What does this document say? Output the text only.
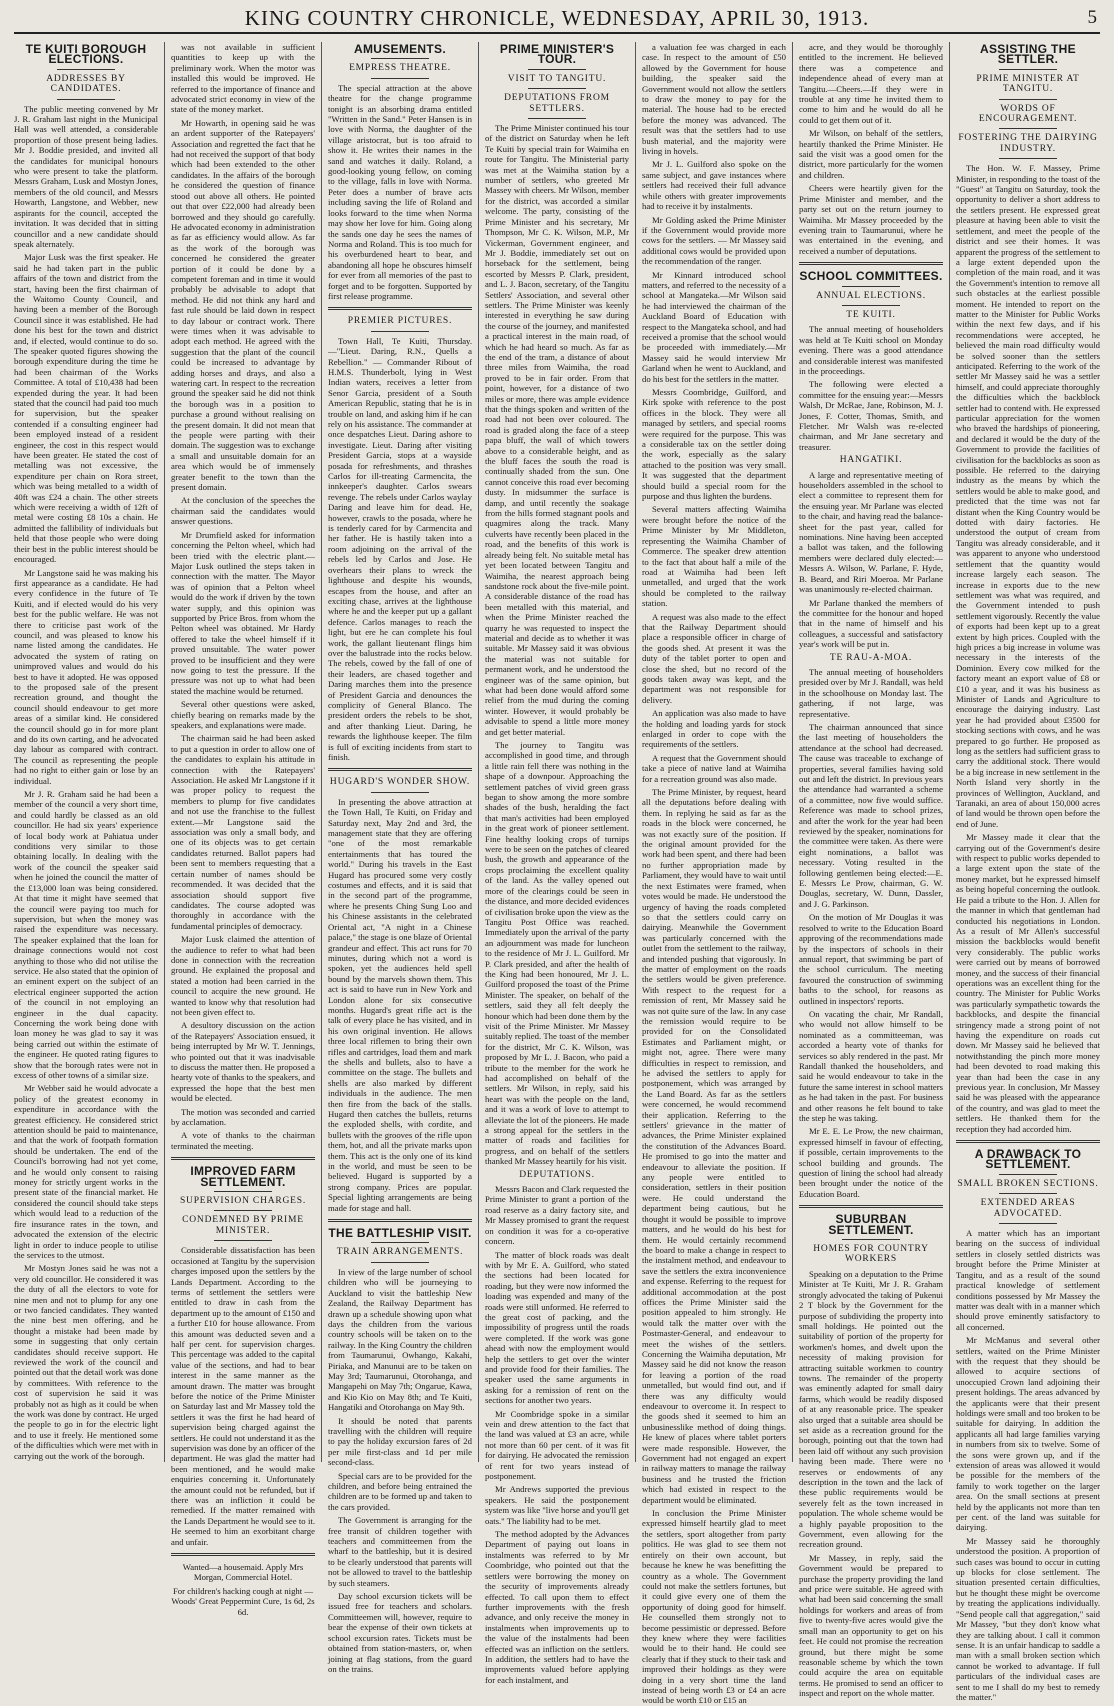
KING COUNTRY CHRONICLE, WEDNESDAY, APRIL 30, 1913.	5
TE KUITI BOROUGH ELECTIONS.
ADDRESSES BY CANDIDATES.

The public meeting convened by Mr J. R. Graham last night in the Municipal Hall was well attended, a considerable proportion of those present being ladies. Mr J. Boddie presided, and invited all the candidates for municipal honours who were present to take the platform. Messrs Graham, Lusk and Mostyn Jones, members of the old council, and Messrs Howarth, Langstone, and Webber, new aspirants for the council, accepted the invitation. It was decided that in sitting councillor and a new candidate should speak alternately.

Major Lusk was the first speaker. He said he had taken part in the public affairs of the town and district from the start, having been the first chairman of the Waitomo County Council, and having been a member of the Borough Council since it was established. He had done his best for the town and district and, if elected, would continue to do so. The speaker quoted figures showing the borough expenditure during the time he had been chairman of the Works Committee. A total of £10,438 had been expended during the year. It had been stated that the council had paid too much for supervision, but the speaker contended if a consulting engineer had been employed instead of a resident engineer, the cost in this respect would have been greater. He stated the cost of metalling was not excessive, the expenditure per chain on Rora street, which was being metalled to a width of 40ft was £24 a chain. The other streets which were receiving a width of 12ft of metal were costing £8 10s a chain. He admitted the fallibility of individuals but held that those people who were doing their best in the public interest should be encouraged.

Mr Langstone said he was making his first appearance as a candidate. He had every confidence in the future of Te Kuiti, and if elected would do his very best for the public welfare. He was not there to criticise past work of the council, and was pleased to know his name listed among the candidates. He advocated the system of rating on unimproved values and would do his best to have it adopted. He was opposed to the proposed sale of the present recreation ground, and thought the council should endeavour to get more areas of a similar kind. He considered the council should go in for more plant and do its own carting, and he advocated day labour as compared with contract. The council as representing the people had no right to either gain or lose by an individual.

Mr J. R. Graham said he had been a member of the council a very short time, and could hardly be classed as an old councillor. He had six years' experience of local body work at Pahiatua under conditions very similar to those obtaining locally. In dealing with the work of the council the speaker said when he joined the council the matter of the £13,000 loan was being considered. At that time it might have seemed that the council were paying too much for supervision, but when the money was raised the expenditure was necessary. The speaker explained that the loan for drainage connections would not cost anything to those who did not utilise the service. He also stated that the opinion of an eminent expert on the subject of an electrical engineer supported the action of the council in not employing an engineer in the dual capacity. Concerning the work being done with loan money he was glad to say it was being carried out within the estimate of the engineer. He quoted rating figures to show that the borough rates were not in excess of other towns of a similar size.

Mr Webber said he would advocate a policy of the greatest economy in expenditure in accordance with the greatest efficiency. He considered strict attention should be paid to maintenance, and that the work of footpath formation should be undertaken. The end of the Council's borrowing had not yet come, and he would only consent to raising money for strictly urgent works in the present state of the financial market. He considered the council should take steps which would lead to a reduction of the fire insurance rates in the town, and advocated the extension of the electric light in order to induce people to utilise the services to the utmost.

Mr Mostyn Jones said he was not a very old councillor. He considered it was the duty of all the electors to vote for nine men and not to plump for any one or two fancied candidates. They wanted the nine best men offering, and he thought a mistake had been made by some in suggesting that only certain candidates should receive support. He reviewed the work of the council and pointed out that the detail work was done by committees. With reference to the cost of supervision he said it was probably not as high as it could be when the work was done by contract. He urged the people to go in for the electric light and to use it freely. He mentioned some of the difficulties which were met with in carrying out the work of the borough.

was not available in sufficient quantities to keep up with the preliminary work. When the motor was installed this would be improved. He referred to the importance of finance and advocated strict economy in view of the state of the money market.

Mr Howarth, in opening said he was an ardent supporter of the Ratepayers' Association and regretted the fact that he had not received the support of that body which had been extended to the other candidates. In the affairs of the borough he considered the question of finance stood out above all others. He pointed out that over £22,000 had already been borrowed and they should go carefully. He advocated economy in administration as far as efficiency would allow. As far as the work of the borough was concerned he considered the greater portion of it could be done by a competent foreman and in time it would probably be advisable to adopt that method. He did not think any hard and fast rule should be laid down in respect to day labour or contract work. There were times when it was advisable to adopt each method. He agreed with the suggestion that the plant of the council could be increased to advantage by adding horses and drays, and also a watering cart. In respect to the recreation ground the speaker said he did not think the borough was in a position to purchase a ground without realising on the present domain. It did not mean that the people were parting with their domain. The suggestion was to exchange a small and unsuitable domain for an area which would be of immensely greater benefit to the town than the present domain.

At the conclusion of the speeches the chairman said the candidates would answer questions.

Mr Drumfield asked for information concerning the Pelton wheel, which had been tried with the electric plant.—Major Lusk outlined the steps taken in connection with the matter. The Mayor was of opinion that a Pelton wheel would do the work if driven by the town water supply, and this opinion was supported by Price Bros. from whom the Pelton wheel was obtained. Mr Hardy offered to take the wheel himself if it proved unsuitable. The water power proved to be insufficient and they were now going to test the pressure. If the pressure was not up to what had been stated the machine would be returned.

Several other questions were asked, chiefly bearing on remarks made by the speakers, and explanations were made.

The chairman said he had been asked to put a question in order to allow one of the candidates to explain his attitude in connection with the Ratepayers' Association. He asked Mr Langstone if it was proper policy to request the members to plump for five candidates and not use the franchise to the fullest extent.—Mr Langstone said the association was only a small body, and one of its objects was to get certain candidates returned. Ballot papers had been sent to members requesting that a certain number of names should be recommended. It was decided that the association should support five candidates. The course adopted was thoroughly in accordance with the fundamental principles of democracy.

Major Lusk claimed the attention of the audience to refer to what had been done in connection with the recreation ground. He explained the proposal and stated a motion had been carried in the council to acquire the new ground. He wanted to know why that resolution had not been given effect to.

A desultory discussion on the action of the Ratepayers' Association ensued, it being interrupted by Mr W. T. Jennings, who pointed out that it was inadvisable to discuss the matter then. He proposed a hearty vote of thanks to the speakers, and expressed the hope that the best men would be elected.

The motion was seconded and carried by acclamation.

A vote of thanks to the chairman terminated the meeting.

IMPROVED FARM SETTLEMENT.
SUPERVISION CHARGES.
CONDEMNED BY PRIME MINISTER.

Considerable dissatisfaction has been occasioned at Tangitu by the supervision charges imposed upon the settlers by the Lands Department. According to the terms of settlement the settlers were entitled to draw in cash from the department up to the amount of £150 and a further £10 for house allowance. From this amount was deducted seven and a half per cent. for supervision charges. This percentage was added to the capital value of the sections, and had to bear interest in the same manner as the amount drawn. The matter was brought before the notice of the Prime Minister on Saturday last and Mr Massey told the settlers it was the first he had heard of supervision being charged against the settlers. He could not understand it as the supervision was done by an officer of the department. He was glad the matter had been mentioned, and he would make enquiries concerning it. Unfortunately the amount could not be refunded, but if there was an infliction it could be remedied. If the matter remained with the Lands Department he would see to it. He seemed to him an exorbitant charge and unfair.

Wanted—a housemaid. Apply Mrs Morgan, Commercial Hotel.

For children's hacking cough at night — Woods' Great Peppermint Cure, 1s 6d, 2s 6d.

AMUSEMENTS.
EMPRESS THEATRE.

The special attraction at the above theatre for the change programme tonight is an absorbing drama entitled "Written in the Sand." Peter Hansen is in love with Norma, the daughter of the village aristocrat, but is too afraid to show it. He writes their names in the sand and watches it daily. Roland, a good-looking young fellow, on coming to the village, falls in love with Norma. Peter does a number of brave acts including saving the life of Roland and looks forward to the time when Norma may show her love for him. Going along the sands one day he sees the names of Norma and Roland. This is too much for his overburdened heart to bear, and abandoning all hope he obscures himself for ever from all memories of the past to forget and to be forgotten. Supported by first release programme.

PREMIER PICTURES.

Town Hall, Te Kuiti, Thursday.—"Lieut. Daring, R.N., Quells a Rebellion." — Commander Ribout of H.M.S. Thunderbolt, lying in West Indian waters, receives a letter from Senor Garcia, president of a South American Republic, stating that he is in trouble on land, and asking him if he can rely on his assistance. The commander at once despatches Lieut. Daring ashore to investigate. Lieut. Daring after visiting President Garcia, stops at a wayside posada for refreshments, and thrashes Carlos for ill-treating Carmencita, the innkeeper's daughter. Carlos swears revenge. The rebels under Carlos waylay Daring and leave him for dead. He, however, crawls to the posada, where he is tenderly cared for by Carmencita and her father. He is hastily taken into a room adjoining on the arrival of the rebels led by Carlos and Jose. He overhears their plans to wreck the lighthouse and despite his wounds, escapes from the house, and after an exciting chase, arrives at the lighthouse where he and the keeper put up a gallant defence. Carlos manages to reach the light, but ere he can complete his foul work, the gallant lieutenant flings him over the balustrade into the rocks below. The rebels, cowed by the fall of one of their leaders, are chased together and Daring marches them into the presence of President Garcia and denounces the complicity of General Blanco. The president orders the rebels to be shot, and after thanking Lieut. Daring, he rewards the lighthouse keeper. The film is full of exciting incidents from start to finish.

HUGARD'S WONDER SHOW.

In presenting the above attraction at the Town Hall, Te Kuiti, on Friday and Saturday next, May 2nd and 3rd, the management state that they are offering "one of the most remarkable entertainments that has toured the world." During his travels in the East Hugard has procured some very costly costumes and effects, and it is said that in the second part of the programme, where he presents Ching Sung Loo and his Chinese assistants in the celebrated Oriental act, "A night in a Chinese palace," the stage is one blaze of Oriental grandeur and effect. This act runs for 70 minutes, during which not a word is spoken, yet the audiences held spell bound by the marvels shown them. This act is said to have run in New York and London alone for six consecutive months. Hugard's great rifle act is the talk of every place he has visited, and in his own original invention. He allows three local riflemen to bring their own rifles and cartridges, load them and mark the shells and bullets, also to have a committee on the stage. The bullets and shells are also marked by different individuals in the audience. The men then fire from the back of the stalls. Hugard then catches the bullets, returns the exploded shells, with cordite, and bullets with the grooves of the rifle upon them, hot, and all the private marks upon them. This act is the only one of its kind in the world, and must be seen to be believed. Hugard is supported by a strong company. Prices are popular. Special lighting arrangements are being made for stage and hall.

THE BATTLESHIP VISIT.
TRAIN ARRANGEMENTS.

In view of the large number of school children who will be journeying to Auckland to visit the battleship New Zealand, the Railway Department has drawn up a schedule showing upon what days the children from the various country schools will be taken on to the railway. In the King Country the children from Taumarunui, Owhango, Kakahi, Piriaka, and Manunui are to be taken on May 3rd; Taumarunui, Otorohanga, and Mangapehi on May 7th; Ongarue, Kawa, and Kio Kio on May 8th; and Te Kuiti, Hangatiki and Otorohanga on May 9th.

It should be noted that parents travelling with the children will require to pay the holiday excursion fares of 2d per mile first-class and 1d per mile second-class.

Special cars are to be provided for the children, and before being entrained the children are to be formed up and taken to the cars provided.

The Government is arranging for the free transit of children together with teachers and committeemen from the wharf to the battleship, but it is desired to be clearly understood that parents will not be allowed to travel to the battleship by such steamers.

Day school excursion tickets will be issued free for teachers and scholars. Committeemen will, however, require to bear the expense of their own tickets at school excursion rates. Tickets must be obtained from station-masters, or, when joining at flag stations, from the guard on the trains.

PRIME MINISTER'S TOUR.
VISIT TO TANGITU.
DEPUTATIONS FROM SETTLERS.

The Prime Minister continued his tour of the district on Saturday when he left Te Kuiti by special train for Waimiha en route for Tangitu. The Ministerial party was met at the Waimiha station by a number of settlers, who greeted Mr Massey with cheers. Mr Wilson, member for the district, was accorded a similar welcome. The party, consisting of the Prime Minister and his secretary, Mr Thompson, Mr C. K. Wilson, M.P., Mr Vickerman, Government engineer, and Mr J. Boddie, immediately set out on horseback for the settlement, being escorted by Messrs P. Clark, president, and L. J. Bacon, secretary, of the Tangitu Settlers' Association, and several other settlers. The Prime Minister was keenly interested in everything he saw during the course of the journey, and manifested a practical interest in the main road, of which he had heard so much. As far as the end of the tram, a distance of about three miles from Waimiha, the road proved to be in fair order. From that point, however, for a distance of two miles or more, there was ample evidence that the things spoken and written of the road had not been over coloured. The road is graded along the face of a steep papa bluff, the wall of which towers above to a considerable height, and as the bluff faces the south the road is continually shaded from the sun. One cannot conceive this road ever becoming dusty. In midsummer the surface is damp, and until recently the soakage from the hills formed stagnant pools and quagmires along the track. Many culverts have recently been placed in the road, and the benefits of this work is already being felt. No suitable metal has yet been located between Tangitu and Waimiha, the nearest approach being sandstone rock about the five-mile point. A considerable distance of the road has been metalled with this material, and when the Prime Minister reached the quarry he was requested to inspect the material and decide as to whether it was suitable. Mr Massey said it was obvious the material was not suitable for permanent work, and he understood the engineer was of the same opinion, but what had been done would afford some relief from the mud during the coming winter. However, it would probably be advisable to spend a little more money and get better material.

The journey to Tangitu was accomplished in good time, and through a little rain fell there was nothing in the shape of a downpour. Approaching the settlement patches of vivid green grass began to show among the more sombre shades of the bush, heralding the fact that man's activities had been employed in the great work of pioneer settlement. Fine healthy looking crops of turnips were to be seen on the patches of cleared bush, the growth and appearance of the crops proclaiming the excellent quality of the land. As the valley opened out more of the clearings could be seen in the distance, and more decided evidences of civilisation broke upon the view as the Tangitu Post Office was reached. Immediately upon the arrival of the party an adjournment was made for luncheon to the residence of Mr J. L. Guilford. Mr P. Clark presided, and after the health of the King had been honoured, Mr J. L. Guilford proposed the toast of the Prime Minister. The speaker, on behalf of the settlers, said they all felt deeply the honour which had been done them by the visit of the Prime Minister. Mr Massey suitably replied. The toast of the member for the district, Mr C. K. Wilson, was proposed by Mr L. J. Bacon, who paid a tribute to the member for the work he had accomplished on behalf of the settlers. Mr Wilson, in reply, said his heart was with the people on the land, and it was a work of love to attempt to alleviate the lot of the pioneers. He made a strong appeal for the settlers in the matter of roads and facilities for progress, and on behalf of the settlers thanked Mr Massey heartily for his visit.

DEPUTATIONS.

Messrs Bacon and Clark requested the Prime Minister to grant a portion of the road reserve as a dairy factory site, and Mr Massey promised to grant the request on condition it was for a co-operative concern.

The matter of block roads was dealt with by Mr E. A. Guilford, who stated the sections had been located for roading, but they were now informed the loading was expended and many of the roads were still unformed. He referred to the great cost of packing, and the impossibility of progress until the roads were completed. If the work was gone ahead with now the employment would help the settlers to get over the winter and provide food for their families. The speaker used the same arguments in asking for a remission of rent on the sections for another two years.

Mr Coombridge spoke in a similar vein and drew attention to the fact that the land was valued at £3 an acre, while not more than 60 per cent. of it was fit for dairying. He advocated the remission of rent for two years instead of postponement.

Mr Andrews supported the previous speakers. He said the postponement system was like "live horse and you'll get oats." The liability had to be met.

The method adopted by the Advances Department of paying out loans in instalments was referred to by Mr Coombridge, who pointed out that the settlers were borrowing the money on the security of improvements already effected. To call upon them to effect further improvements with the fresh advance, and only receive the money in instalments when improvements up to the value of the instalments had been effected was an infliction on the settlers. In addition, the settlers had to have the improvements valued before applying for each instalment, and

a valuation fee was charged in each case. In respect to the amount of £50 allowed by the Government for house building, the speaker said the Government would not allow the settlers to draw the money to pay for the material. The house had to be erected before the money was advanced. The result was that the settlers had to use bush material, and the majority were living in hovels.

Mr J. L. Guilford also spoke on the same subject, and gave instances where settlers had received their full advance while others with greater improvements had to receive it by instalments.

Mr Golding asked the Prime Minister if the Government would provide more cows for the settlers. — Mr Massey said additional cows would be provided upon the recommendation of the ranger.

Mr Kinnard introduced school matters, and referred to the necessity of a school at Mangateka.—Mr Wilson said he had interviewed the chairman of the Auckland Board of Education with respect to the Mangateka school, and had received a promise that the school would be proceeded with immediately.—Mr Massey said he would interview Mr Garland when he went to Auckland, and do his best for the settlers in the matter.

Messrs Coombridge, Guilford, and Kirk spoke with reference to the post offices in the block. They were all managed by settlers, and special rooms were required for the purpose. This was a considerable tax on the settler doing the work, especially as the salary attached to the position was very small. It was suggested that the department should build a special room for the purpose and thus lighten the burdens.

Several matters affecting Waimiha were brought before the notice of the Prime Minister by Mr Middleton, representing the Waimiha Chamber of Commerce. The speaker drew attention to the fact that about half a mile of the road at Waimiha had been left unmetalled, and urged that the work should be completed to the railway station.

A request was also made to the effect that the Railway Department should place a responsible officer in charge of the goods shed. At present it was the duty of the tablet porter to open and close the shed, but no record of the goods taken away was kept, and the department was not responsible for delivery.

An application was also made to have the holding and loading yards for stock enlarged in order to cope with the requirements of the settlers.

A request that the Government should take a piece of native land at Waimiha for a recreation ground was also made.

The Prime Minister, by request, heard all the deputations before dealing with them. In replying he said as far as the roads in the block were concerned, he was not exactly sure of the position. If the original amount provided for the work had been spent, and there had been no further appropriation made by Parliament, they would have to wait until the next Estimates were framed, when votes would be made. He understood the urgency of having the roads completed so that the settlers could carry on dairying. Meanwhile the Government was particularly concerned with the outlet from the settlement to the railway, and intended pushing that vigorously. In the matter of employment on the roads the settlers would be given preference. With respect to the request for a remission of rent, Mr Massey said he was not quite sure of the law. In any case the remission would require to be provided for on the Consolidated Estimates and Parliament might, or might not, agree. There were many difficulties in respect to remission, and he advised the settlers to apply for postponement, which was arranged by the Land Board. As far as the settlers were concerned, he would recommend their application. Referring to the settlers' grievance in the matter of advances, the Prime Minister explained the constitution of the Advances Board. He promised to go into the matter and endeavour to alleviate the position. If any people were entitled to consideration, settlers in their position were. He could understand the department being cautious, but he thought it would be possible to improve matters, and he would do his best for them. He would certainly recommend the board to make a change in respect to the instalment method, and endeavour to save the settlers the extra inconvenience and expense. Referring to the request for additional accommodation at the post offices the Prime Minister said the position appealed to him strongly. He would talk the matter over with the Postmaster-General, and endeavour to meet the wishes of the settlers. Concerning the Waimiha deputation, Mr Massey said he did not know the reason for leaving a portion of the road unmetalled, but would find out, and if there was any difficulty would endeavour to overcome it. In respect to the goods shed it seemed to him an unbusinesslike method of doing things. He knew of places where tablet porters were made responsible. However, the Government had not engaged an expert in railway matters to manage the railway business and he trusted the friction which had existed in respect to the department would be eliminated.

In conclusion the Prime Minister expressed himself heartily glad to meet the settlers, sport altogether from party politics. He was glad to see them not entirely on their own account, but because he knew he was benefitting the country as a whole. The Government could not make the settlers fortunes, but it could give every one of them the opportunity of doing good for himself. He counselled them strongly not to become pessimistic or depressed. Before they knew where they were facilities would be to their hand. He could see clearly that if they stuck to their task and improved their holdings as they were doing in a very short time the land instead of being worth £3 or £4 an acre would be worth £10 or £15 an

acre, and they would be thoroughly entitled to the increment. He believed there was a competence and independence ahead of every man at Tangitu.—Cheers.—If they were in trouble at any time he invited them to come to him and he would do all he could to get them out of it.

Mr Wilson, on behalf of the settlers, heartily thanked the Prime Minister. He said the visit was a good omen for the district, more particularly for the women and children.

Cheers were heartily given for the Prime Minister and member, and the party set out on the return journey to Waimiha. Mr Massey proceeded by the evening train to Taumarunui, where he was entertained in the evening, and received a number of deputations.

SCHOOL COMMITTEES.
ANNUAL ELECTIONS.
TE KUITI.

The annual meeting of householders was held at Te Kuiti school on Monday evening. There was a good attendance and considerable interest was manifested in the proceedings.

The following were elected a committee for the ensuing year:—Messrs Walsh, Dr McRae, Jane, Robinson, M. J. Jones, F. Cotter, Thomas, Smith, and Fletcher. Mr Walsh was re-elected chairman, and Mr Jane secretary and treasurer.

HANGATIKI.

A large and representative meeting of householders assembled in the school to elect a committee to represent them for the ensuing year. Mr Parlane was elected to the chair, and having read the balance-sheet for the past year, called for nominations. Nine having been accepted a ballot was taken, and the following members were declared duly elected:—Messrs A. Wilson, W. Parlane, F. Hyde, B. Beard, and Riri Moeroa. Mr Parlane was unanimously re-elected chairman.

Mr Parlane thanked the members of the committee for the honour and hoped that in the name of himself and his colleagues, a successful and satisfactory year's work will be put in.

TE RAU-A-MOA.

The annual meeting of householders presided over by Mr J. Randall, was held in the schoolhouse on Monday last. The gathering, if not large, was representative.

The chairman announced that since the last meeting of householders the attendance at the school had decreased. The cause was traceable to exchange of properties, several families having sold out and left the district. In previous years the attendance had warranted a scheme of a committee, now five would suffice. Reference was made to school prizes, and after the work for the year had been reviewed by the speaker, nominations for the committee were taken. As there were eight nominations, a ballot was necessary. Voting resulted in the following gentlemen being elected:—E. E. Messrs Le Prow, chairman, G. W. Douglas, secretary, W. Dunn, Dassler, and J. G. Parkinson.

On the motion of Mr Douglas it was resolved to write to the Education Board approving of the recommendations made by the inspectors of schools in their annual report, that swimming be part of the school curriculum. The meeting favoured the construction of swimming baths to the school, for reasons as outlined in inspectors' reports.

On vacating the chair, Mr Randall, who would not allow himself to be nominated as a committeeman, was accorded a hearty vote of thanks for services so ably rendered in the past. Mr Randall thanked the householders, and said he would endeavour to take in the future the same interest in school matters as he had taken in the past. For business and other reasons he felt bound to take the step he was taking.

Mr E. E. Le Prow, the new chairman, expressed himself in favour of effecting, if possible, certain improvements to the school building and grounds. The question of lining the school had already been brought under the notice of the Education Board.

SUBURBAN SETTLEMENT.
HOMES FOR COUNTRY WORKERS

Speaking on a deputation to the Prime Minister at Te Kuiti, Mr J. R. Graham strongly advocated the taking of Pukenui 2 T block by the Government for the purpose of subdividing the property into small holdings. He pointed out the suitability of portion of the property for workmen's homes, and dwelt upon the necessity of making provision for attracting suitable workmen to country towns. The remainder of the property was eminently adapted for small dairy farms, which would be readily disposed of at any reasonable price. The speaker also urged that a suitable area should be set aside as a recreation ground for the borough, pointing out that the town had been laid off without any such provision having been made. There were no reserves or endowments of any description in the town and the lack of these public requirements would be severely felt as the town increased in population. The whole scheme would be a highly payable proposition to the Government, even allowing for the recreation ground.

Mr Massey, in reply, said the Government would be prepared to purchase the property providing the land and price were suitable. He agreed with what had been said concerning the small holdings for workers and areas of from five to twenty-five acres would give the small man an opportunity to get on his feet. He could not promise the recreation ground, but there might be some reasonable scheme by which the town could acquire the area on equitable terms. He promised to send an officer to inspect and report on the whole matter.

ASSISTING THE SETTLER.
PRIME MINISTER AT TANGITU.
WORDS OF ENCOURAGEMENT.
FOSTERING THE DAIRYING INDUSTRY.

The Hon. W. F. Massey, Prime Minister, in responding to the toast of the "Guest" at Tangitu on Saturday, took the opportunity to deliver a short address to the settlers present. He expressed great pleasure at having been able to visit the settlement, and meet the people of the district and see their homes. It was apparent the progress of the settlement to a large extent depended upon the completion of the main road, and it was the Government's intention to remove all such obstacles at the earliest possible moment. He intended to report on the matter to the Minister for Public Works within the next few days, and if his recommendations were accepted, he believed the main road difficulty would be solved sooner than the settlers anticipated. Referring to the work of the settler Mr Massey said he was a settler himself, and could appreciate thoroughly the difficulties which the backblock settler had to contend with. He expressed particular appreciation for the women who braved the hardships of pioneering, and declared it would be the duty of the Government to provide the facilities of civilisation for the backblocks as soon as possible. He referred to the dairying industry as the means by which the settlers would be able to make good, and predicted that the time was not far distant when the King Country would be dotted with dairy factories. He understood the output of cream from Tangitu was already considerable, and it was apparent to anyone who understood settlement that the quantity would increase largely each season. The increase in exports due to the new settlement was what was required, and the Government intended to push settlement vigorously. Recently the value of exports had been kept up to a great extent by high prices. Coupled with the high prices a big increase in volume was necessary in the interests of the Dominion. Every cow milked for the factory meant an export value of £8 or £10 a year, and it was his business as Minister of Lands and Agriculture to encourage the dairying industry. Last year he had provided about £3500 for stocking sections with cows, and he was prepared to go further. He proposed as long as the settlers had sufficient grass to carry the additional stock. There would be a big increase in new settlement in the North Island very shortly in the provinces of Wellington, Auckland, and Taranaki, an area of about 150,000 acres of land would be thrown open before the end of June.

Mr Massey made it clear that the carrying out of the Government's desire with respect to public works depended to a large extent upon the state of the money market, but he expressed himself as being hopeful concerning the outlook. He paid a tribute to the Hon. J. Allen for the manner in which that gentleman had conducted his negotiations in London. As a result of Mr Allen's successful mission the backblocks would benefit very considerably. The public works were carried out by means of borrowed money, and the success of their financial operations was an excellent thing for the country. The Minister for Public Works was particularly sympathetic towards the backblocks, and despite the financial stringency made a strong point of not having the expenditure on roads cut down. Mr Massey said he believed that notwithstanding the pinch more money had been devoted to road making this year than had been the case in any previous year. In conclusion, Mr Massey said he was pleased with the appearance of the country, and was glad to meet the settlers. He thanked them for the reception they had accorded him.

A DRAWBACK TO SETTLEMENT.
SMALL BROKEN SECTIONS.
EXTENDED AREAS ADVOCATED.

A matter which has an important bearing on the success of individual settlers in closely settled districts was brought before the Prime Minister at Tangitu, and as a result of the sound practical knowledge of settlement conditions possessed by Mr Massey the matter was dealt with in a manner which should prove eminently satisfactory to all concerned.

Mr McManus and several other settlers, waited on the Prime Minister with the request that they should be allowed to acquire sections of unoccupied Crown land adjoining their present holdings. The areas advanced by the applicants were that their present holdings were small and too broken to be suitable for dairying. In addition the applicants all had large families varying in numbers from six to twelve. Some of the sons were grown up, and if the extension of areas was allowed it would be possible for the members of the family to work together on the larger area. On the small sections at present held by the applicants not more than ten per cent. of the land was suitable for dairying.

Mr Massey said he thoroughly understood the position. A proportion of such cases was bound to occur in cutting up blocks for close settlement. The situation presented certain difficulties, but he thought these might be overcome by treating the applications individually. "Send people call that aggregation," said Mr Massey, "but they don't know what they are talking about. I call it common sense. It is an unfair handicap to saddle a man with a small broken section which cannot be worked to advantage. If full particulars of the individual cases are sent to me I shall do my best to remedy the matter."
